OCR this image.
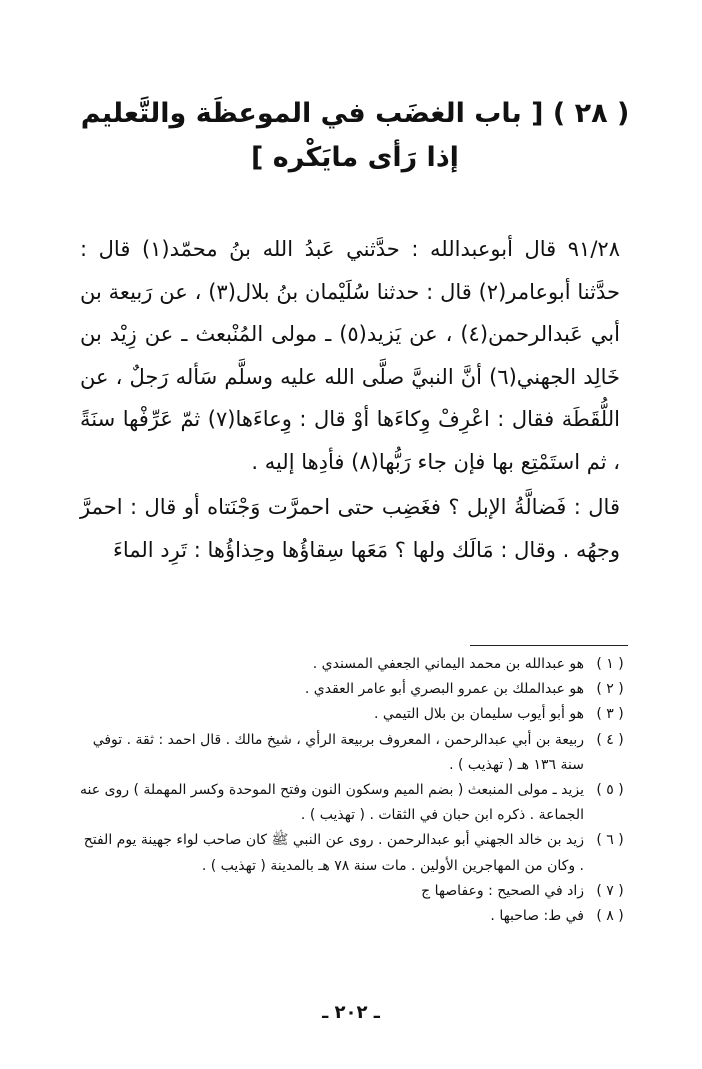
( ٢٨ ) [ باب الغضَب في الموعظَة والتَّعليم إذا رَأى مايَكْره ]
٩١/٢٨ قال أبوعبدالله : حدَّثني عَبدُ الله بنُ محمّد(١) قال : حدَّثنا أبوعامر(٢) قال : حدثنا سُلَيْمان بنُ بلال(٣) ، عن رَبيعة بن أبي عَبدالرحمن(٤) ، عن يَزيد(٥) ـ مولى المُنْبعث ـ عن زِيْد بن خَالِد الجهني(٦) أنَّ النبيَّ صلَّى الله عليه وسلَّم سَأله رَجلٌ ، عن اللُّقَطَة فقال : اعْرِفْ وِكاءَها أوْ قال : وِعاءَها(٧) ثمّ عَرِّفْها سنَةً ، ثم استَمْتِع بها فإن جاء رَبُّها(٨) فأدِها إليه .
قال : فَضالَّةُ الإبل ؟ فغَضِب حتى احمرَّت وَجْنَتاه أو قال : احمرَّ وجهُه . وقال : مَالَك ولها ؟ مَعَها سِقاؤُها وحِذاؤُها : تَرِد الماءَ
( ١ )
هو عبدالله بن محمد اليماني الجعفي المسندي .
( ٢ )
هو عبدالملك بن عمرو البصري أبو عامر العقدي .
( ٣ )
هو أبو أيوب سليمان بن بلال التيمي .
( ٤ )
ربيعة بن أبي عبدالرحمن ، المعروف بربيعة الرأي ، شيخ مالك . قال احمد : ثقة . توفي سنة ١٣٦ هـ ( تهذيب ) .
( ٥ )
يزيد ـ مولى المنبعث ( بضم الميم وسكون النون وفتح الموحدة وكسر المهملة ) روى عنه الجماعة . ذكره ابن حبان في الثقات . ( تهذيب ) .
( ٦ )
زيد بن خالد الجهني أبو عبدالرحمن . روى عن النبي ﷺ كان صاحب لواء جهينة يوم الفتح . وكان من المهاجرين الأولين . مات سنة ٧٨ هـ بالمدينة ( تهذيب ) .
( ٧ )
زاد في الصحيح : وعفاصها ج
( ٨ )
في ط: صاحبها .
ـ ٢٠٢ ـ
